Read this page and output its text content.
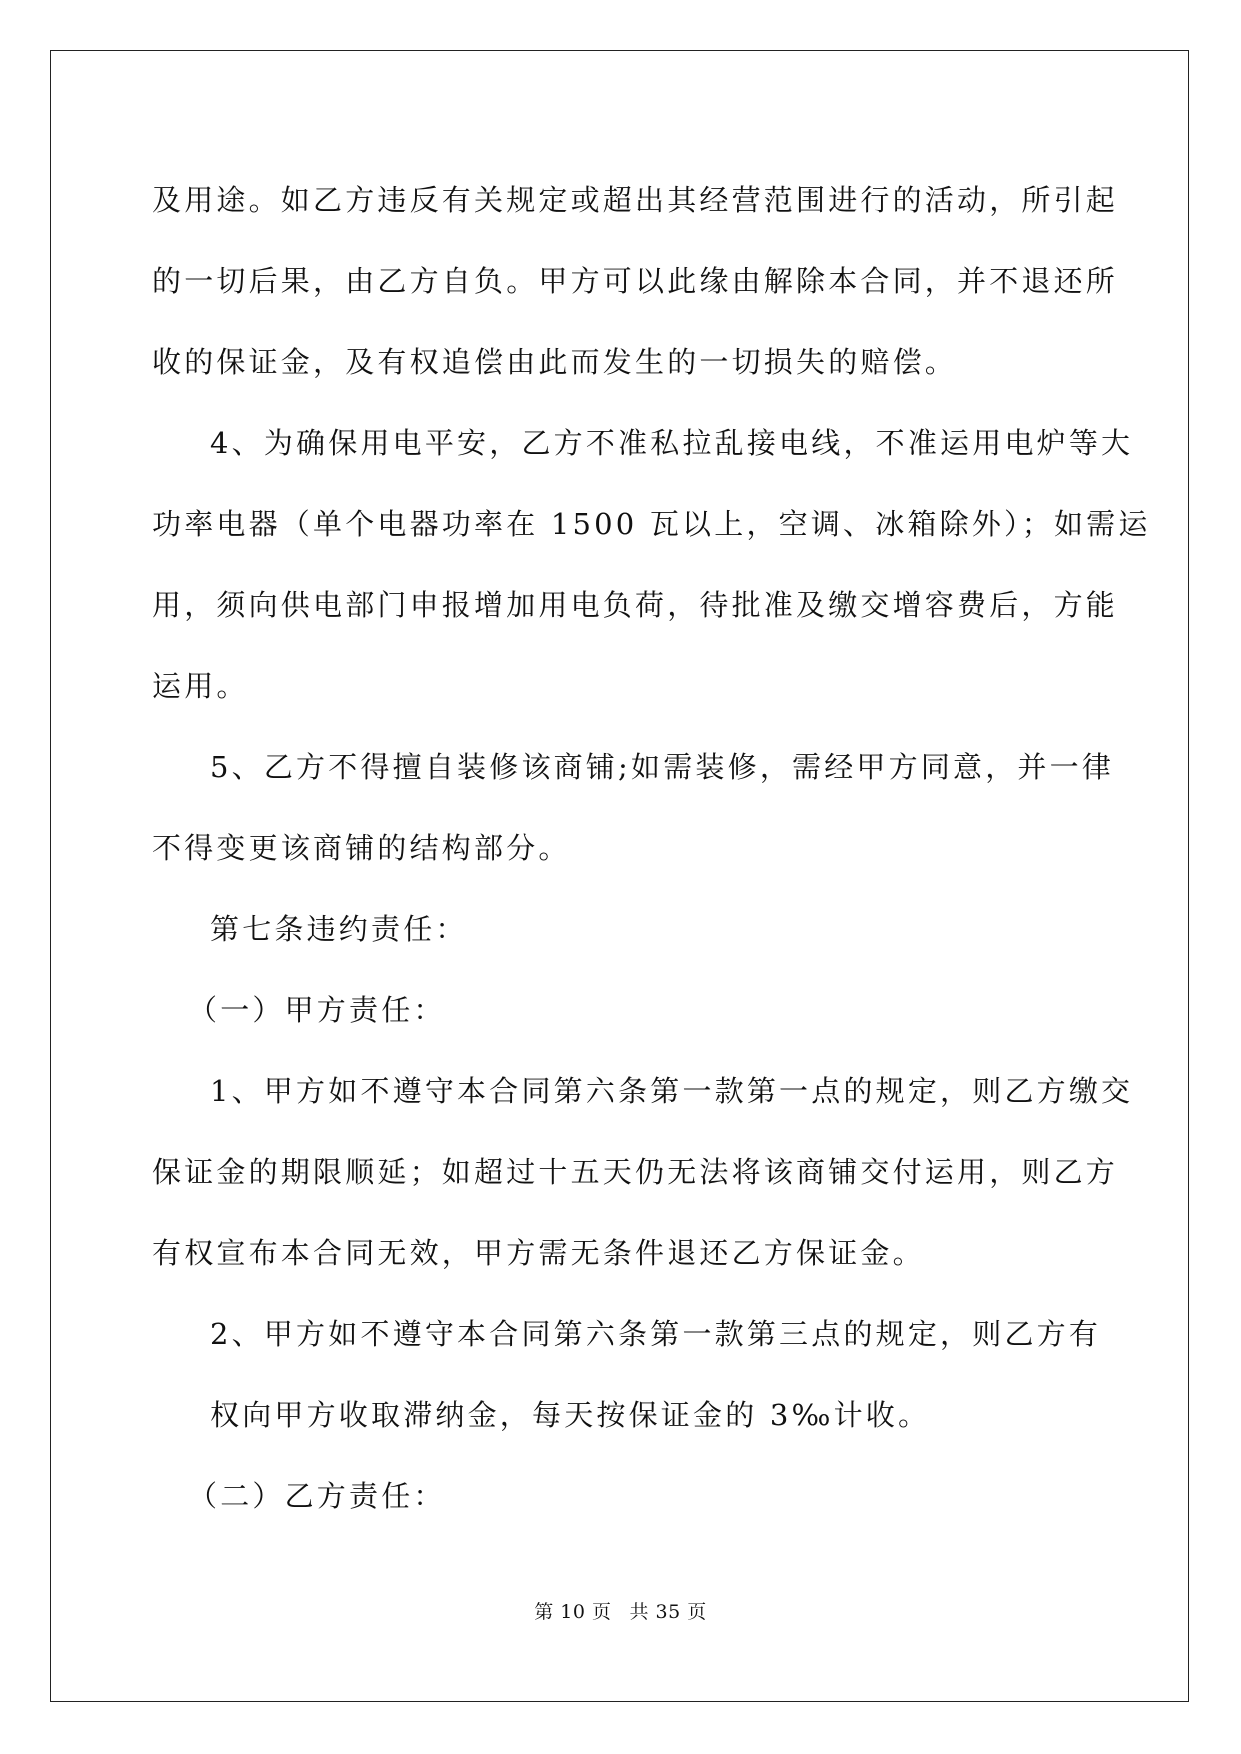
及用途。如乙方违反有关规定或超出其经营范围进行的活动，所引起

的一切后果，由乙方自负。甲方可以此缘由解除本合同，并不退还所

收的保证金，及有权追偿由此而发生的一切损失的赔偿。

4、为确保用电平安，乙方不准私拉乱接电线，不准运用电炉等大

功率电器（单个电器功率在 1500 瓦以上，空调、冰箱除外）；如需运

用，须向供电部门申报增加用电负荷，待批准及缴交增容费后，方能

运用。

5、乙方不得擅自装修该商铺;如需装修，需经甲方同意，并一律

不得变更该商铺的结构部分。

第七条违约责任：

（一）甲方责任：

1、甲方如不遵守本合同第六条第一款第一点的规定，则乙方缴交

保证金的期限顺延；如超过十五天仍无法将该商铺交付运用，则乙方

有权宣布本合同无效，甲方需无条件退还乙方保证金。

2、甲方如不遵守本合同第六条第一款第三点的规定，则乙方有

权向甲方收取滞纳金，每天按保证金的 3‰计收。

（二）乙方责任：

第 10 页 共 35 页
